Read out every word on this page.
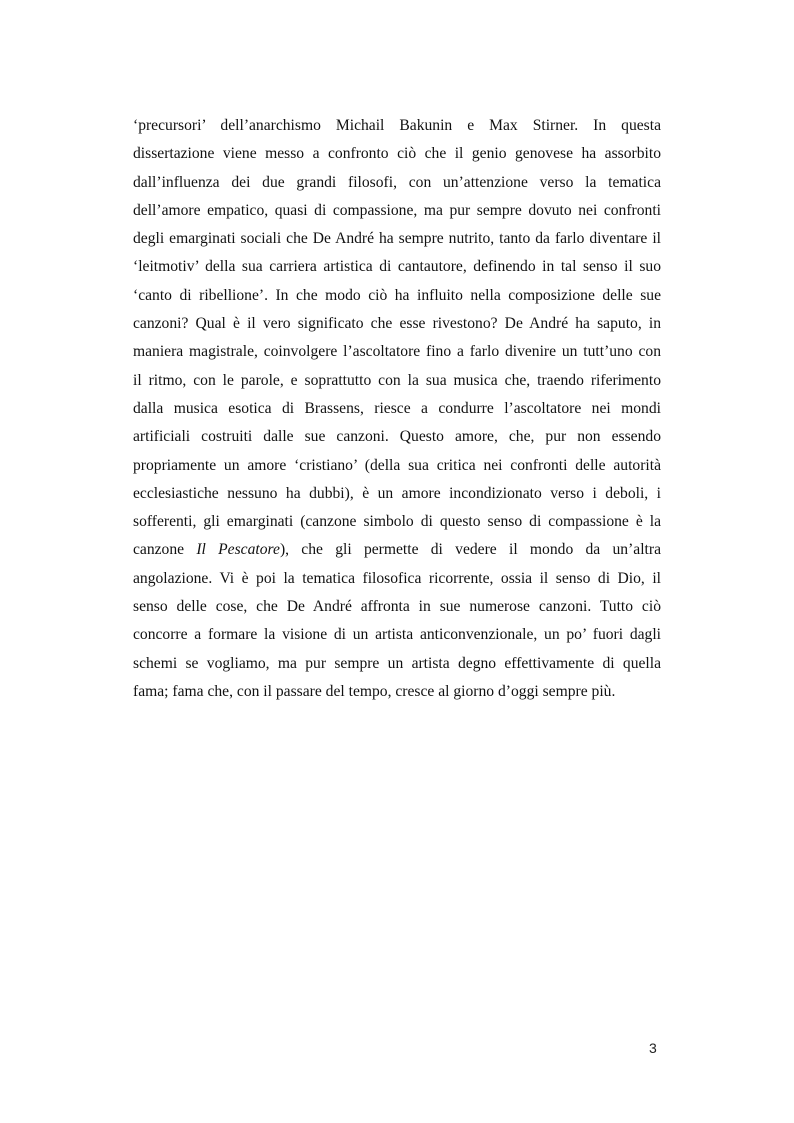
‘precursori’ dell’anarchismo Michail Bakunin e Max Stirner. In questa
dissertazione viene messo a confronto ciò che il genio genovese ha assorbito
dall’influenza dei due grandi filosofi, con un’attenzione verso la tematica
dell’amore empatico, quasi di compassione, ma pur sempre dovuto nei confronti
degli emarginati sociali che De André ha sempre nutrito, tanto da farlo diventare il
‘leitmotiv’ della sua carriera artistica di cantautore, definendo in tal senso il suo
‘canto di ribellione’. In che modo ciò ha influito nella composizione delle sue
canzoni? Qual è il vero significato che esse rivestono? De André ha saputo, in
maniera magistrale, coinvolgere l’ascoltatore fino a farlo divenire un tutt’uno con
il ritmo, con le parole, e soprattutto con la sua musica che, traendo riferimento
dalla musica esotica di Brassens, riesce a condurre l’ascoltatore nei mondi
artificiali costruiti dalle sue canzoni. Questo amore, che, pur non essendo
propriamente un amore ‘cristiano’ (della sua critica nei confronti delle autorità
ecclesiastiche nessuno ha dubbi), è un amore incondizionato verso i deboli, i
sofferenti, gli emarginati (canzone simbolo di questo senso di compassione è la
canzone Il Pescatore), che gli permette di vedere il mondo da un’altra
angolazione. Vi è poi la tematica filosofica ricorrente, ossia il senso di Dio, il
senso delle cose, che De André affronta in sue numerose canzoni. Tutto ciò
concorre a formare la visione di un artista anticonvenzionale, un po’ fuori dagli
schemi se vogliamo, ma pur sempre un artista degno effettivamente di quella
fama; fama che, con il passare del tempo, cresce al giorno d’oggi sempre più.
3
